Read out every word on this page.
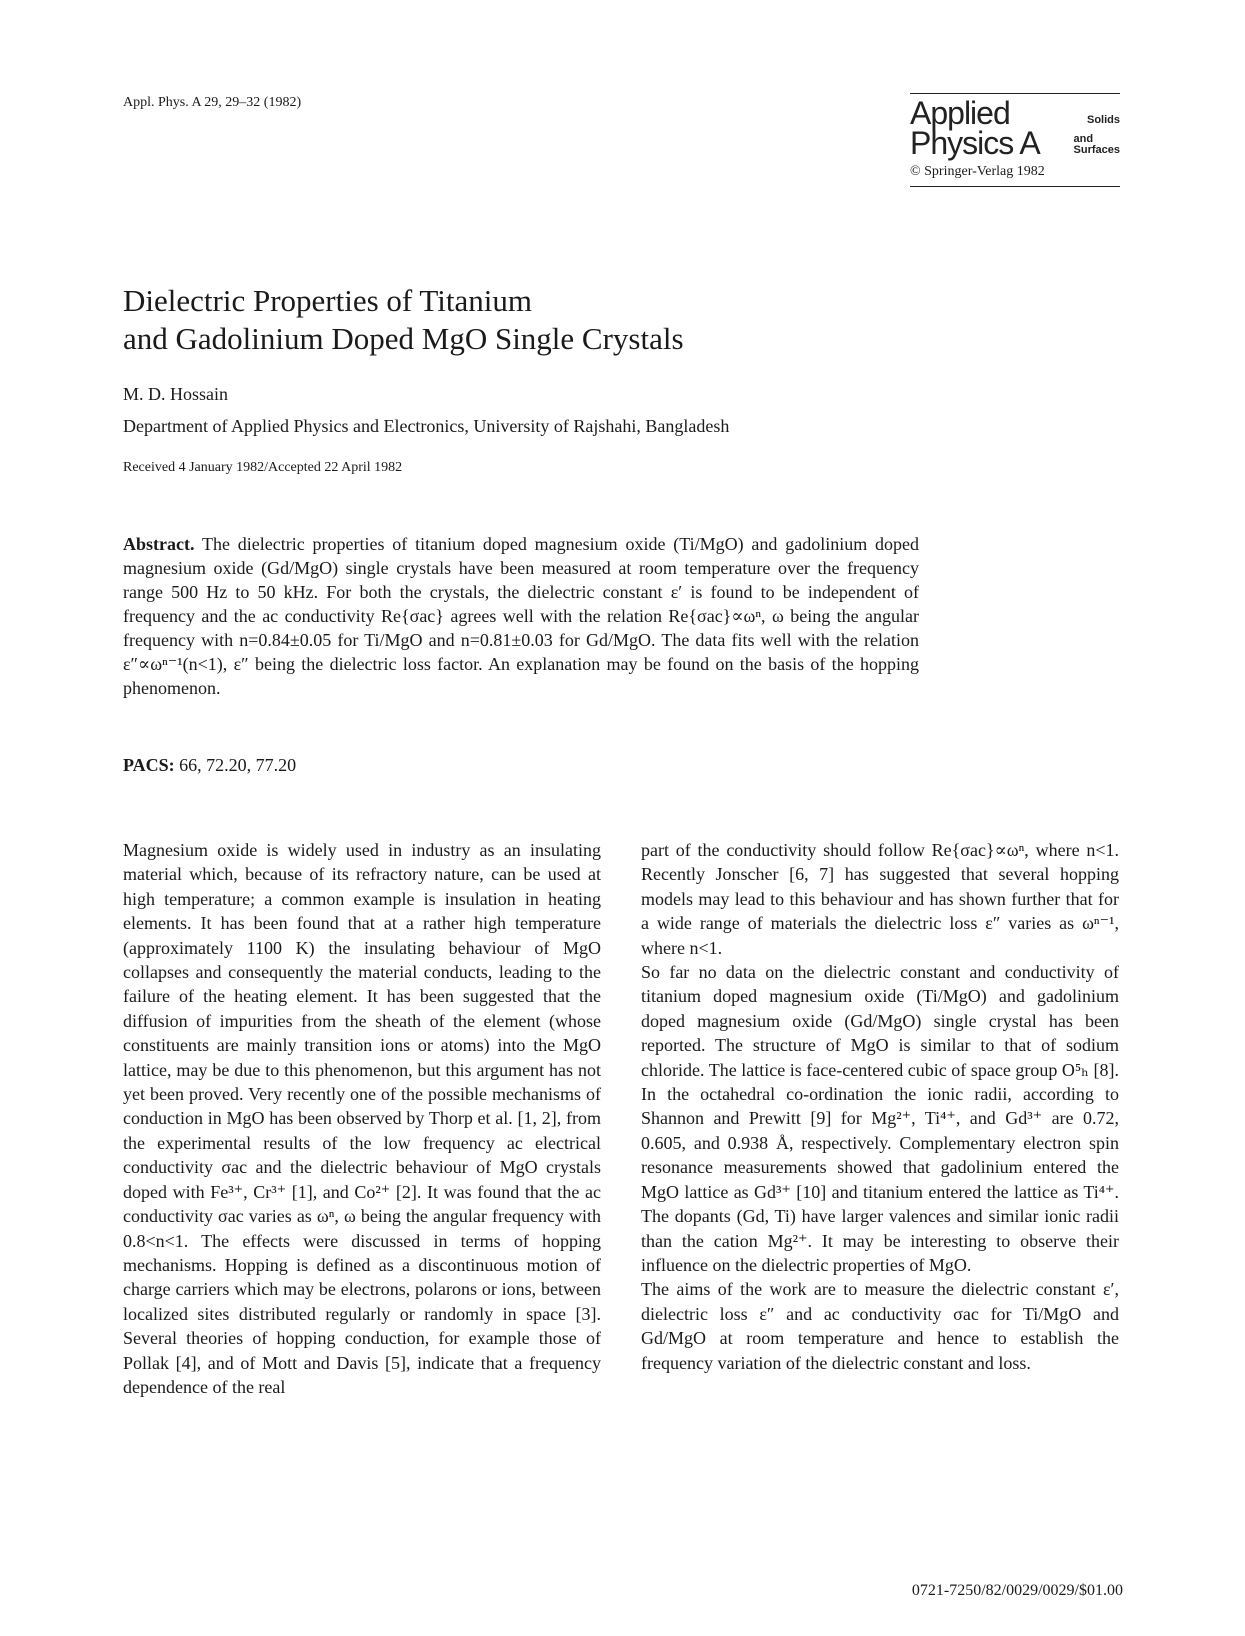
Appl. Phys. A 29, 29–32 (1982)	Applied	Solids
Physics A	and
Surfaces
© Springer-Verlag 1982
Dielectric Properties of Titanium
and Gadolinium Doped MgO Single Crystals
M. D. Hossain
Department of Applied Physics and Electronics, University of Rajshahi, Bangladesh
Received 4 January 1982/Accepted 22 April 1982
Abstract. The dielectric properties of titanium doped magnesium oxide (Ti/MgO) and gadolinium doped magnesium oxide (Gd/MgO) single crystals have been measured at room temperature over the frequency range 500 Hz to 50 kHz. For both the crystals, the dielectric constant ε′ is found to be independent of frequency and the ac conductivity Re{σac} agrees well with the relation Re{σac}∝ωⁿ, ω being the angular frequency with n=0.84±0.05 for Ti/MgO and n=0.81±0.03 for Gd/MgO. The data fits well with the relation ε″∝ωⁿ⁻¹(n<1), ε″ being the dielectric loss factor. An explanation may be found on the basis of the hopping phenomenon.
PACS: 66, 72.20, 77.20

Magnesium oxide is widely used in industry as an insulating material which, because of its refractory nature, can be used at high temperature; a common example is insulation in heating elements. It has been found that at a rather high temperature (approximately 1100 K) the insulating behaviour of MgO collapses and consequently the material conducts, leading to the failure of the heating element. It has been suggested that the diffusion of impurities from the sheath of the element (whose constituents are mainly transition ions or atoms) into the MgO lattice, may be due to this phenomenon, but this argument has not yet been proved. Very recently one of the possible mechanisms of conduction in MgO has been observed by Thorp et al. [1, 2], from the experimental results of the low frequency ac electrical conductivity σac and the dielectric behaviour of MgO crystals doped with Fe³⁺, Cr³⁺ [1], and Co²⁺ [2]. It was found that the ac conductivity σac varies as ωⁿ, ω being the angular frequency with 0.8<n<1. The effects were discussed in terms of hopping mechanisms. Hopping is defined as a discontinuous motion of charge carriers which may be electrons, polarons or ions, between localized sites distributed regularly or randomly in space [3]. Several theories of hopping conduction, for example those of Pollak [4], and of Mott and Davis [5], indicate that a frequency dependence of the real

part of the conductivity should follow Re{σac}∝ωⁿ, where n<1. Recently Jonscher [6, 7] has suggested that several hopping models may lead to this behaviour and has shown further that for a wide range of materials the dielectric loss ε″ varies as ωⁿ⁻¹, where n<1.

So far no data on the dielectric constant and conductivity of titanium doped magnesium oxide (Ti/MgO) and gadolinium doped magnesium oxide (Gd/MgO) single crystal has been reported. The structure of MgO is similar to that of sodium chloride. The lattice is face-centered cubic of space group O⁵ₕ [8]. In the octahedral co-ordination the ionic radii, according to Shannon and Prewitt [9] for Mg²⁺, Ti⁴⁺, and Gd³⁺ are 0.72, 0.605, and 0.938 Å, respectively. Complementary electron spin resonance measurements showed that gadolinium entered the MgO lattice as Gd³⁺ [10] and titanium entered the lattice as Ti⁴⁺. The dopants (Gd, Ti) have larger valences and similar ionic radii than the cation Mg²⁺. It may be interesting to observe their influence on the dielectric properties of MgO.

The aims of the work are to measure the dielectric constant ε′, dielectric loss ε″ and ac conductivity σac for Ti/MgO and Gd/MgO at room temperature and hence to establish the frequency variation of the dielectric constant and loss.

0721-7250/82/0029/0029/$01.00
